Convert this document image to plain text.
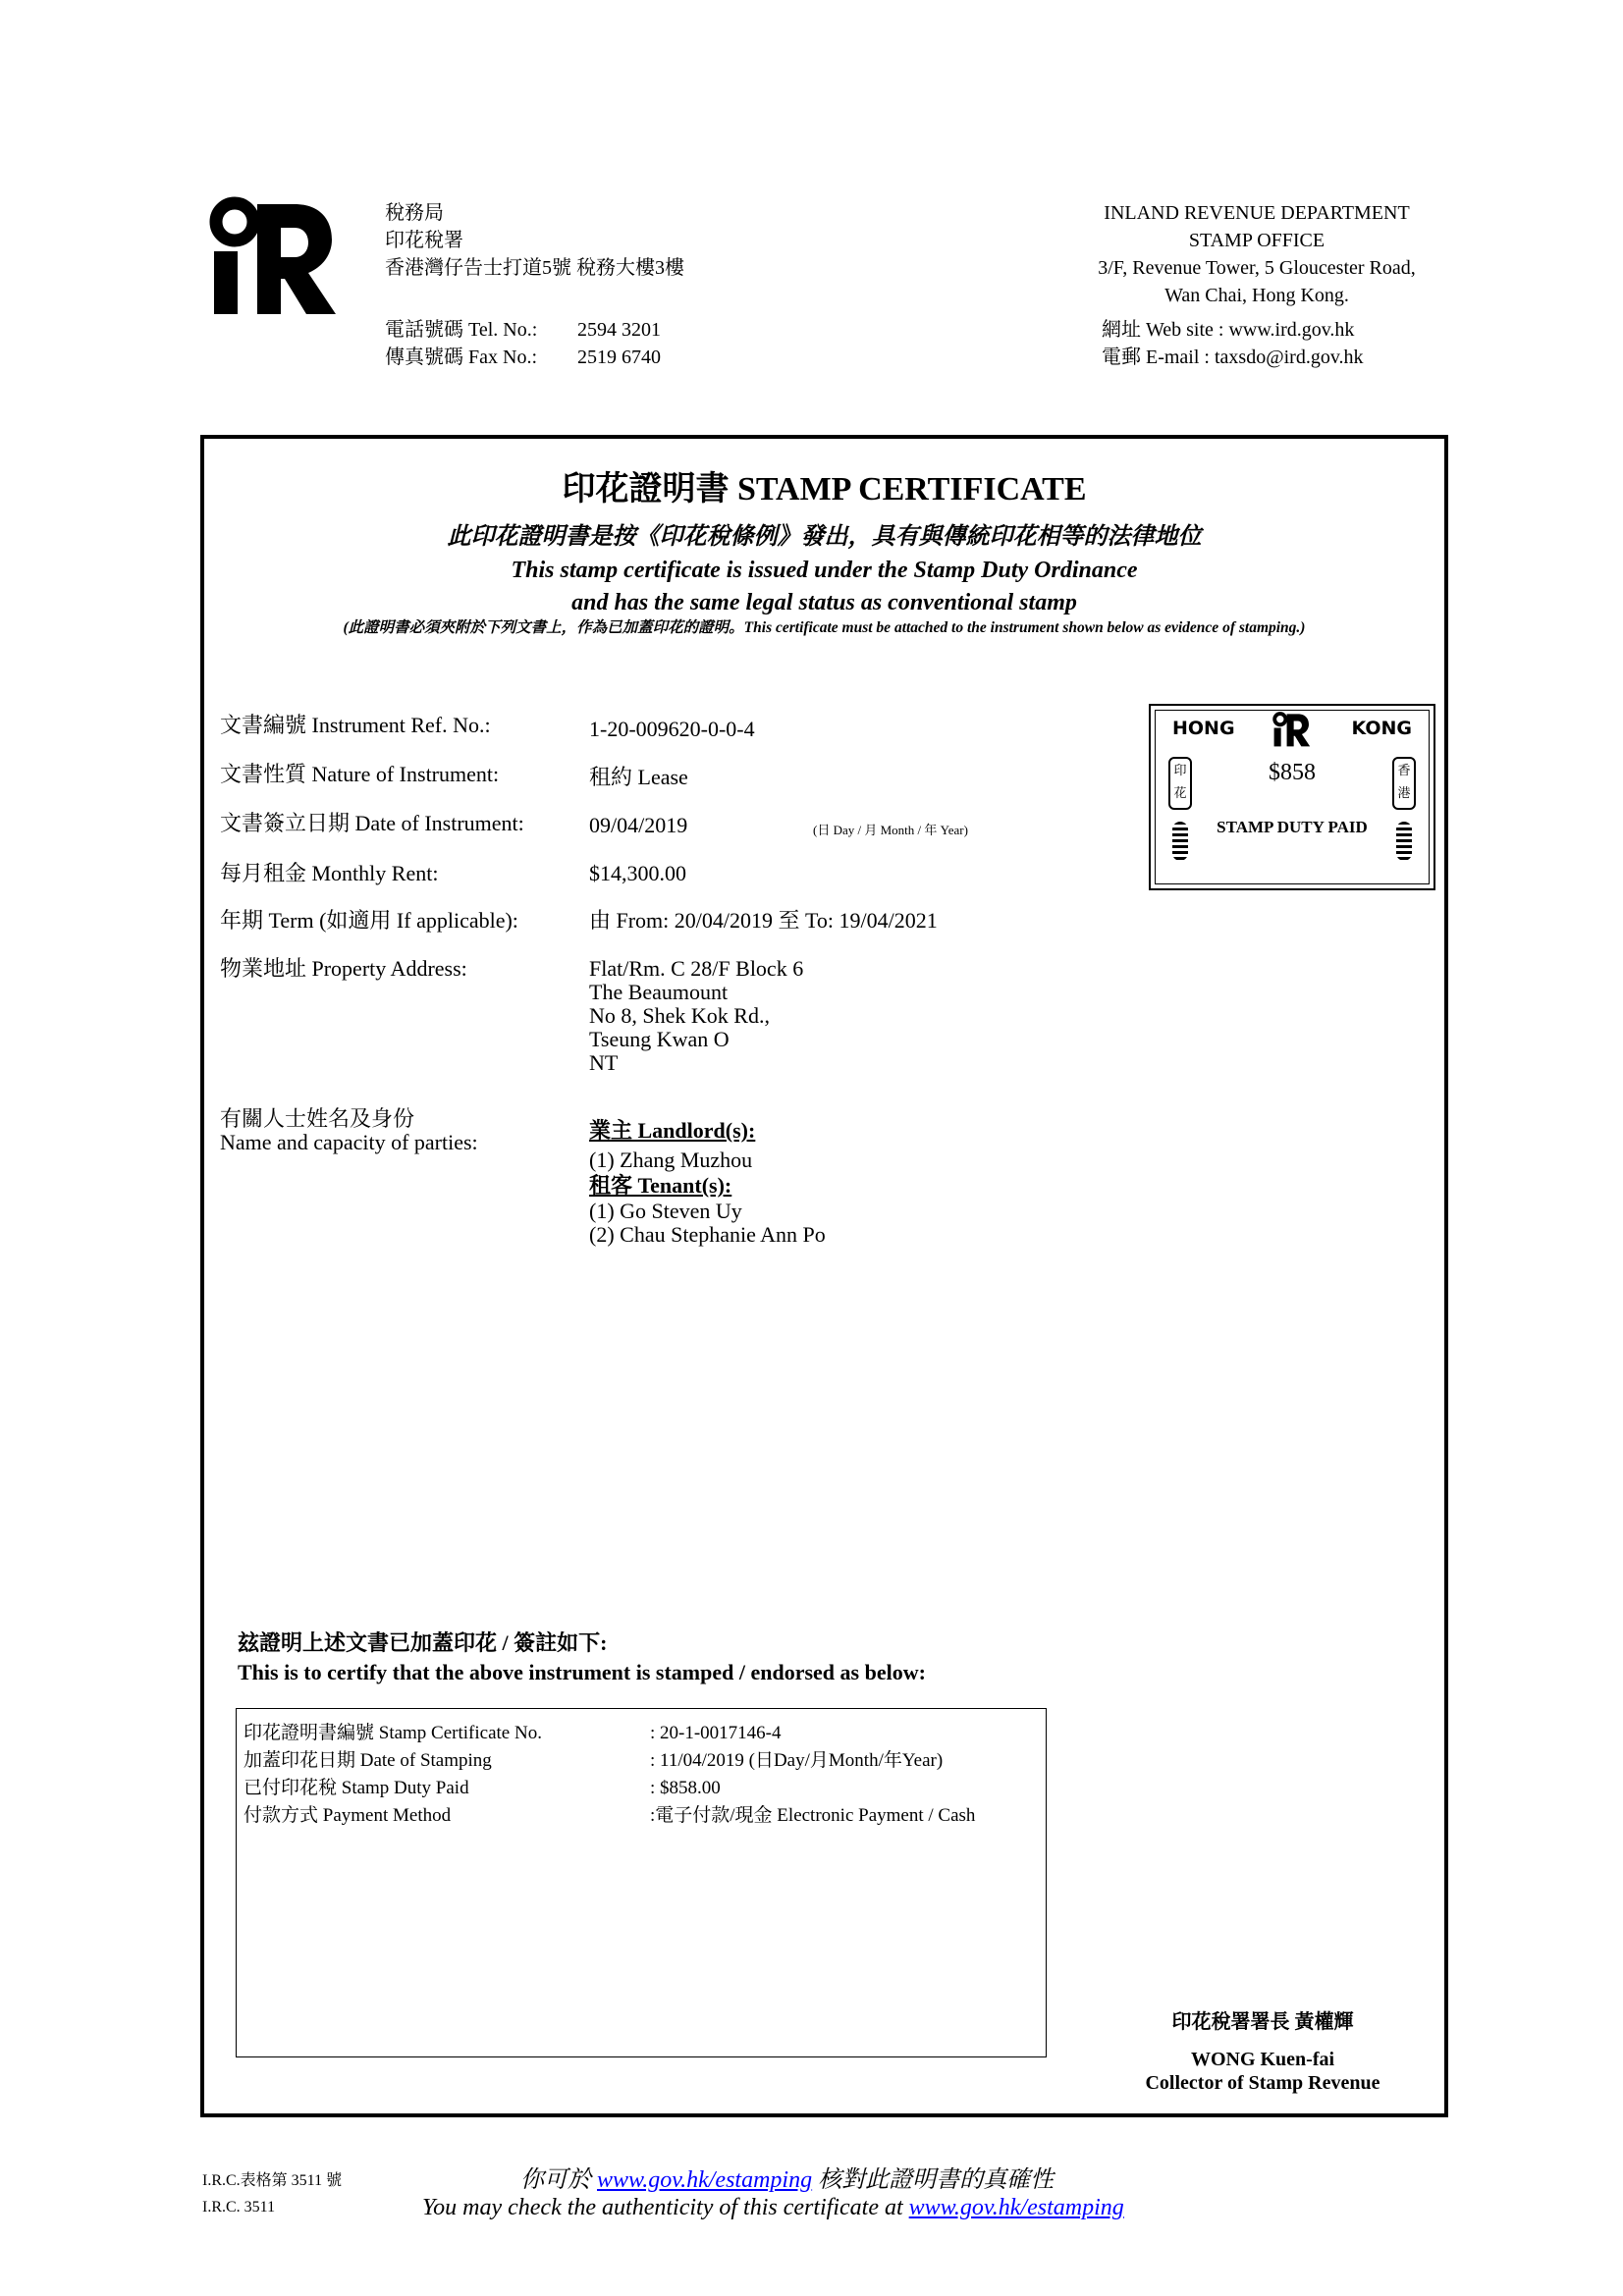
稅務局
印花稅署
香港灣仔告士打道5號 稅務大樓3樓
INLAND REVENUE DEPARTMENT
STAMP OFFICE
3/F, Revenue Tower, 5 Gloucester Road,
Wan Chai, Hong Kong.
電話號碼 Tel. No.:	2594 3201
傳真號碼 Fax No.:	2519 6740
網址 Web site : www.ird.gov.hk
電郵 E-mail : taxsdo@ird.gov.hk
印花證明書 STAMP CERTIFICATE
此印花證明書是按《印花稅條例》發出，具有與傳統印花相等的法律地位
This stamp certificate is issued under the Stamp Duty Ordinance
and has the same legal status as conventional stamp
(此證明書必須夾附於下列文書上，作為已加蓋印花的證明。This certificate must be attached to the instrument shown below as evidence of stamping.)
文書編號 Instrument Ref. No.:	1-20-009620-0-0-4
文書性質 Nature of Instrument:	租約 Lease
文書簽立日期 Date of Instrument:	09/04/2019	(日 Day / 月 Month / 年 Year)
每月租金 Monthly Rent:	$14,300.00
年期 Term (如適用 If applicable):	由 From: 20/04/2019 至 To: 19/04/2021
物業地址 Property Address:	Flat/Rm. C 28/F Block 6
The Beaumount
No 8, Shek Kok Rd.,
Tseung Kwan O
NT
有關人士姓名及身份
Name and capacity of parties:	業主 Landlord(s):
(1) Zhang Muzhou
租客 Tenant(s):
(1) Go Steven Uy
(2) Chau Stephanie Ann Po
HONG	KONG
印花
香港
$858
STAMP DUTY PAID
玆證明上述文書已加蓋印花 / 簽註如下:
This is to certify that the above instrument is stamped / endorsed as below:
印花證明書編號 Stamp Certificate No.	: 20-1-0017146-4
加蓋印花日期 Date of Stamping	: 11/04/2019 (日Day/月Month/年Year)
已付印花稅 Stamp Duty Paid	: $858.00
付款方式 Payment Method	:電子付款/現金 Electronic Payment / Cash
印花稅署署長 黃權輝
WONG Kuen-fai
Collector of Stamp Revenue
I.R.C.表格第 3511 號
I.R.C. 3511
你可於 www.gov.hk/estamping 核對此證明書的真確性
You may check the authenticity of this certificate at www.gov.hk/estamping
